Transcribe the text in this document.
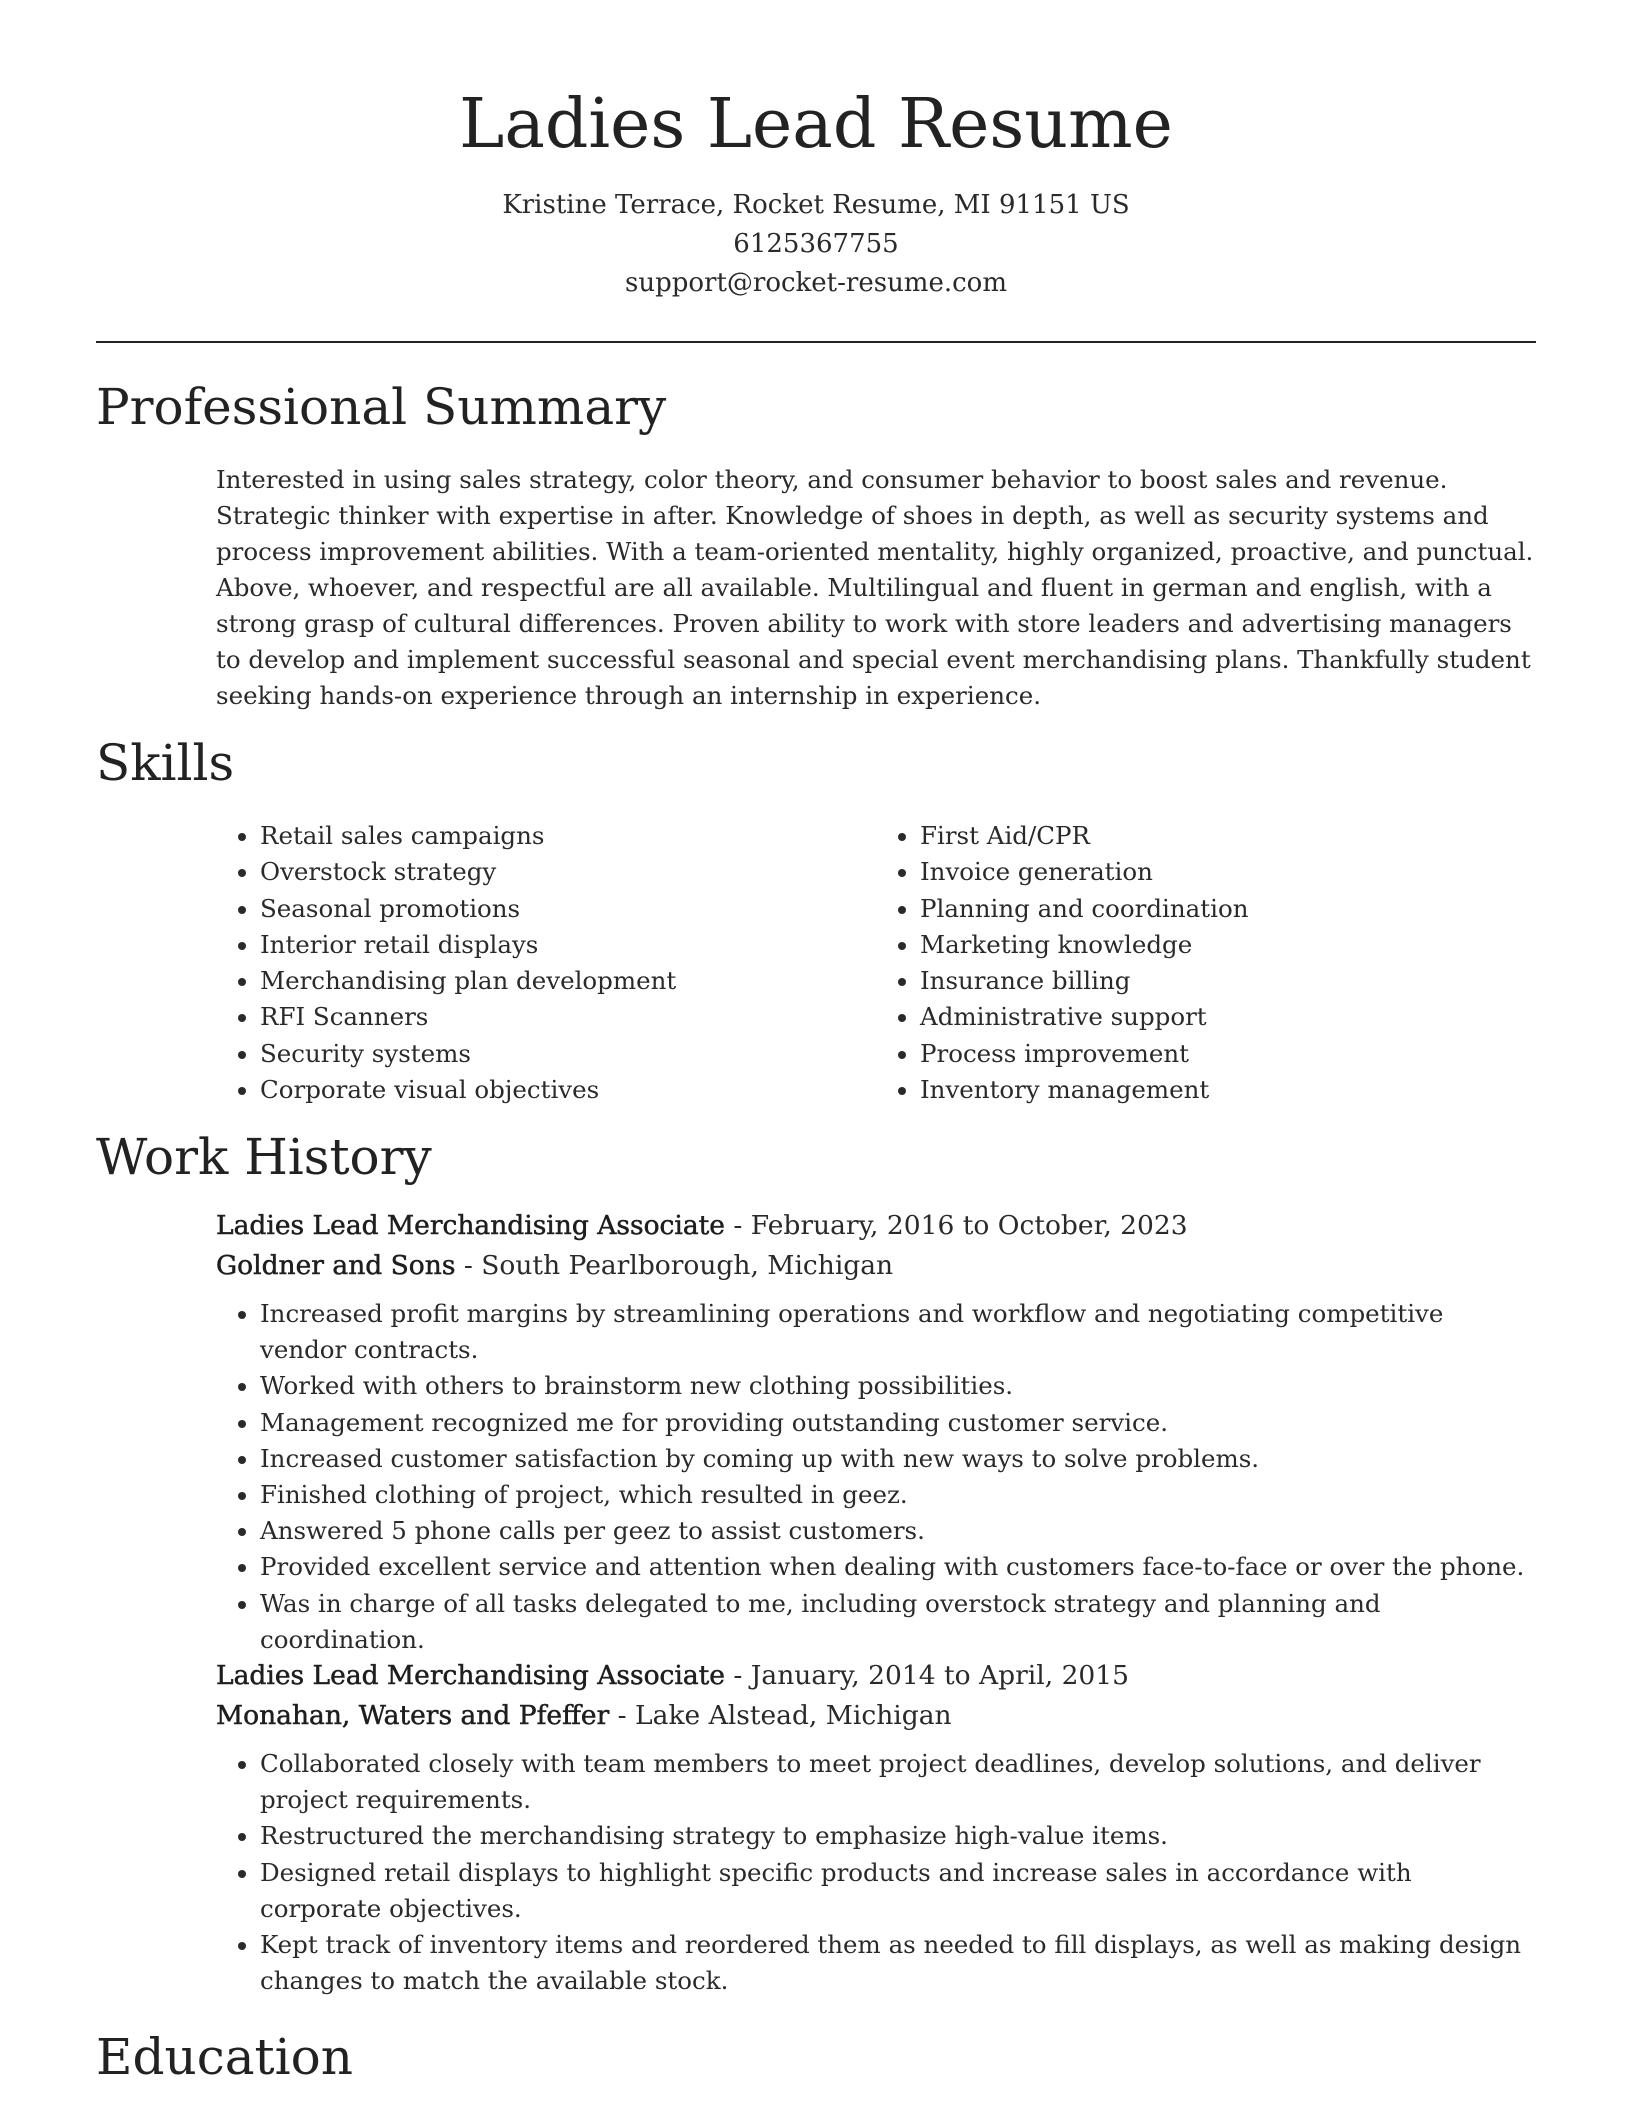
Ladies Lead Resume
Kristine Terrace, Rocket Resume, MI 91151 US
6125367755
support@rocket-resume.com
Professional Summary

Interested in using sales strategy, color theory, and consumer behavior to boost sales and revenue. Strategic thinker with expertise in after. Knowledge of shoes in depth, as well as security systems and process improvement abilities. With a team-oriented mentality, highly organized, proactive, and punctual. Above, whoever, and respectful are all available. Multilingual and fluent in german and english, with a strong grasp of cultural differences. Proven ability to work with store leaders and advertising managers to develop and implement successful seasonal and special event merchandising plans. Thankfully student seeking hands-on experience through an internship in experience.

Skills
• Retail sales campaigns
• Overstock strategy
• Seasonal promotions
• Interior retail displays
• Merchandising plan development
• RFI Scanners
• Security systems
• Corporate visual objectives
• First Aid/CPR
• Invoice generation
• Planning and coordination
• Marketing knowledge
• Insurance billing
• Administrative support
• Process improvement
• Inventory management
Work History
Ladies Lead Merchandising Associate - February, 2016 to October, 2023
Goldner and Sons - South Pearlborough, Michigan
• Increased profit margins by streamlining operations and workflow and negotiating competitive vendor contracts.
• Worked with others to brainstorm new clothing possibilities.
• Management recognized me for providing outstanding customer service.
• Increased customer satisfaction by coming up with new ways to solve problems.
• Finished clothing of project, which resulted in geez.
• Answered 5 phone calls per geez to assist customers.
• Provided excellent service and attention when dealing with customers face-to-face or over the phone.
• Was in charge of all tasks delegated to me, including overstock strategy and planning and coordination.
Ladies Lead Merchandising Associate - January, 2014 to April, 2015
Monahan, Waters and Pfeffer - Lake Alstead, Michigan
• Collaborated closely with team members to meet project deadlines, develop solutions, and deliver project requirements.
• Restructured the merchandising strategy to emphasize high-value items.
• Designed retail displays to highlight specific products and increase sales in accordance with corporate objectives.
• Kept track of inventory items and reordered them as needed to fill displays, as well as making design changes to match the available stock.
Education
